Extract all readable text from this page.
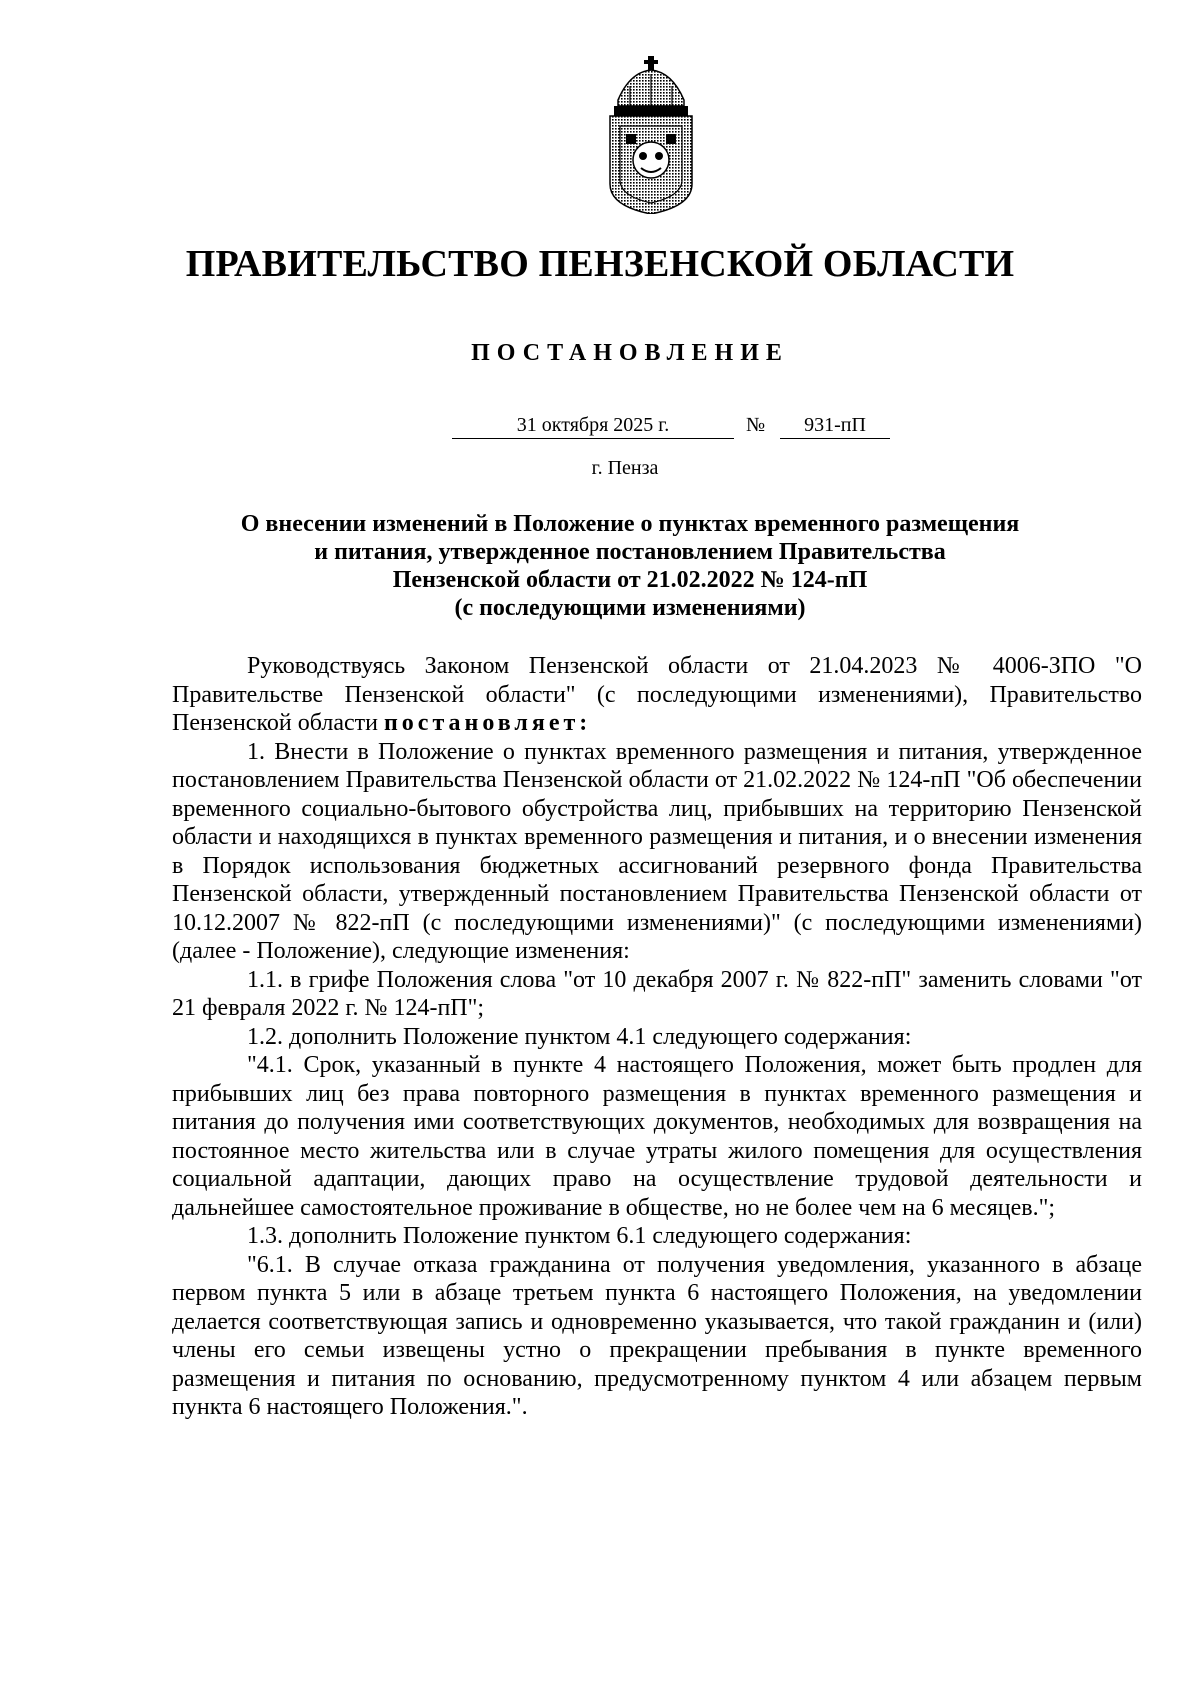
ПРАВИТЕЛЬСТВО ПЕНЗЕНСКОЙ ОБЛАСТИ
ПОСТАНОВЛЕНИЕ
31 октября 2025 г.	№	931-пП
г. Пенза
О внесении изменений в Положение о пунктах временного размещения
и питания, утвержденное постановлением Правительства
Пензенской области от 21.02.2022 № 124-пП
(с последующими изменениями)

Руководствуясь Законом Пензенской области от 21.04.2023 № 4006-ЗПО "О Правительстве Пензенской области" (с последующими изменениями), Правительство Пензенской области постановляет:

1. Внести в Положение о пунктах временного размещения и питания, утвержденное постановлением Правительства Пензенской области от 21.02.2022 № 124-пП "Об обеспечении временного социально-бытового обустройства лиц, прибывших на территорию Пензенской области и находящихся в пунктах временного размещения и питания, и о внесении изменения в Порядок использования бюджетных ассигнований резервного фонда Правительства Пензенской области, утвержденный постановлением Правительства Пензенской области от 10.12.2007 № 822-пП (с последующими изменениями)" (с последующими изменениями) (далее - Положение), следующие изменения:

1.1. в грифе Положения слова "от 10 декабря 2007 г. № 822-пП" заменить словами "от 21 февраля 2022 г. № 124-пП";

1.2. дополнить Положение пунктом 4.1 следующего содержания:

"4.1. Срок, указанный в пункте 4 настоящего Положения, может быть продлен для прибывших лиц без права повторного размещения в пунктах временного размещения и питания до получения ими соответствующих документов, необходимых для возвращения на постоянное место жительства или в случае утраты жилого помещения для осуществления социальной адаптации, дающих право на осуществление трудовой деятельности и дальнейшее самостоятельное проживание в обществе, но не более чем на 6 месяцев.";

1.3. дополнить Положение пунктом 6.1 следующего содержания:

"6.1. В случае отказа гражданина от получения уведомления, указанного в абзаце первом пункта 5 или в абзаце третьем пункта 6 настоящего Положения, на уведомлении делается соответствующая запись и одновременно указывается, что такой гражданин и (или) члены его семьи извещены устно о прекращении пребывания в пункте временного размещения и питания по основанию, предусмотренному пунктом 4 или абзацем первым пункта 6 настоящего Положения.".
